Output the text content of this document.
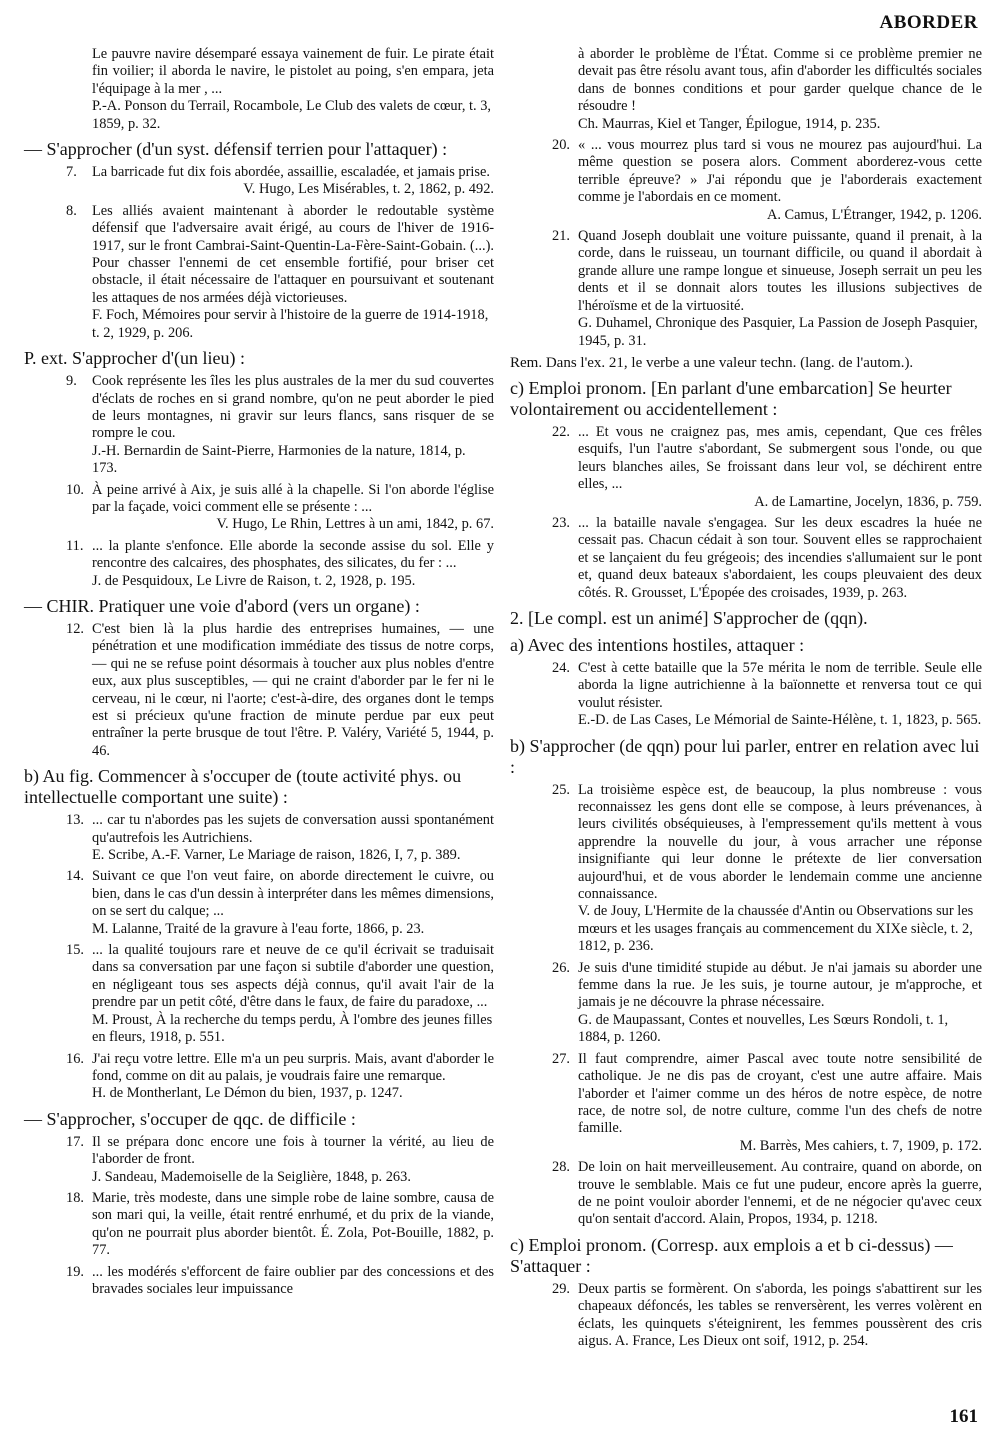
ABORDER
Le pauvre navire désemparé essaya vainement de fuir. Le pirate était fin voilier; il aborda le navire, le pistolet au poing, s'en empara, jeta l'équipage à la mer , ...
P.-A. Ponson du Terrail, Rocambole, Le Club des valets de cœur, t. 3, 1859, p. 32.
— S'approcher (d'un syst. défensif terrien pour l'attaquer) :
7. La barricade fut dix fois abordée, assaillie, escaladée, et jamais prise.
V. Hugo, Les Misérables, t. 2, 1862, p. 492.
8. Les alliés avaient maintenant à aborder le redoutable système défensif que l'adversaire avait érigé, au cours de l'hiver de 1916-1917, sur le front Cambrai-Saint-Quentin-La-Fère-Saint-Gobain. (...). Pour chasser l'ennemi de cet ensemble fortifié, pour briser cet obstacle, il était nécessaire de l'attaquer en poursuivant et soutenant les attaques de nos armées déjà victorieuses.
F. Foch, Mémoires pour servir à l'histoire de la guerre de 1914-1918, t. 2, 1929, p. 206.
P. ext. S'approcher d'(un lieu) :
9. Cook représente les îles les plus australes de la mer du sud couvertes d'éclats de roches en si grand nombre, qu'on ne peut aborder le pied de leurs montagnes, ni gravir sur leurs flancs, sans risquer de se rompre le cou.
J.-H. Bernardin de Saint-Pierre, Harmonies de la nature, 1814, p. 173.
10. À peine arrivé à Aix, je suis allé à la chapelle. Si l'on aborde l'église par la façade, voici comment elle se présente : ...
V. Hugo, Le Rhin, Lettres à un ami, 1842, p. 67.
11. ... la plante s'enfonce. Elle aborde la seconde assise du sol. Elle y rencontre des calcaires, des phosphates, des silicates, du fer : ...
J. de Pesquidoux, Le Livre de Raison, t. 2, 1928, p. 195.
— CHIR. Pratiquer une voie d'abord (vers un organe) :
12. C'est bien là la plus hardie des entreprises humaines, — une pénétration et une modification immédiate des tissus de notre corps, — qui ne se refuse point désormais à toucher aux plus nobles d'entre eux, aux plus susceptibles, — qui ne craint d'aborder par le fer ni le cerveau, ni le cœur, ni l'aorte; c'est-à-dire, des organes dont le temps est si précieux qu'une fraction de minute perdue par eux peut entraîner la perte brusque de tout l'être. P. Valéry, Variété 5, 1944, p. 46.
b) Au fig. Commencer à s'occuper de (toute activité phys. ou intellectuelle comportant une suite) :
13. ... car tu n'abordes pas les sujets de conversation aussi spontanément qu'autrefois les Autrichiens.
E. Scribe, A.-F. Varner, Le Mariage de raison, 1826, I, 7, p. 389.
14. Suivant ce que l'on veut faire, on aborde directement le cuivre, ou bien, dans le cas d'un dessin à interpréter dans les mêmes dimensions, on se sert du calque; ...
M. Lalanne, Traité de la gravure à l'eau forte, 1866, p. 23.
15. ... la qualité toujours rare et neuve de ce qu'il écrivait se traduisait dans sa conversation par une façon si subtile d'aborder une question, en négligeant tous ses aspects déjà connus, qu'il avait l'air de la prendre par un petit côté, d'être dans le faux, de faire du paradoxe, ...
M. Proust, À la recherche du temps perdu, À l'ombre des jeunes filles en fleurs, 1918, p. 551.
16. J'ai reçu votre lettre. Elle m'a un peu surpris. Mais, avant d'aborder le fond, comme on dit au palais, je voudrais faire une remarque.
H. de Montherlant, Le Démon du bien, 1937, p. 1247.
— S'approcher, s'occuper de qqc. de difficile :
17. Il se prépara donc encore une fois à tourner la vérité, au lieu de l'aborder de front.
J. Sandeau, Mademoiselle de la Seiglière, 1848, p. 263.
18. Marie, très modeste, dans une simple robe de laine sombre, causa de son mari qui, la veille, était rentré enrhumé, et du prix de la viande, qu'on ne pourrait plus aborder bientôt. É. Zola, Pot-Bouille, 1882, p. 77.
19. ... les modérés s'efforcent de faire oublier par des concessions et des bravades sociales leur impuissance
à aborder le problème de l'État. Comme si ce problème premier ne devait pas être résolu avant tous, afin d'aborder les difficultés sociales dans de bonnes conditions et pour garder quelque chance de le résoudre !
Ch. Maurras, Kiel et Tanger, Épilogue, 1914, p. 235.
20. « ... vous mourrez plus tard si vous ne mourez pas aujourd'hui. La même question se posera alors. Comment aborderez-vous cette terrible épreuve? » J'ai répondu que je l'aborderais exactement comme je l'abordais en ce moment.
A. Camus, L'Étranger, 1942, p. 1206.
21. Quand Joseph doublait une voiture puissante, quand il prenait, à la corde, dans le ruisseau, un tournant difficile, ou quand il abordait à grande allure une rampe longue et sinueuse, Joseph serrait un peu les dents et il se donnait alors toutes les illusions subjectives de l'héroïsme et de la virtuosité.
G. Duhamel, Chronique des Pasquier, La Passion de Joseph Pasquier, 1945, p. 31.
Rem. Dans l'ex. 21, le verbe a une valeur techn. (lang. de l'autom.).
c) Emploi pronom. [En parlant d'une embarcation] Se heurter volontairement ou accidentellement :
22. ... Et vous ne craignez pas, mes amis, cependant, Que ces frêles esquifs, l'un l'autre s'abordant, Se submergent sous l'onde, ou que leurs blanches ailes, Se froissant dans leur vol, se déchirent entre elles, ...
A. de Lamartine, Jocelyn, 1836, p. 759.
23. ... la bataille navale s'engagea. Sur les deux escadres la huée ne cessait pas. Chacun cédait à son tour. Souvent elles se rapprochaient et se lançaient du feu grégeois; des incendies s'allumaient sur le pont et, quand deux bateaux s'abordaient, les coups pleuvaient des deux côtés. R. Grousset, L'Épopée des croisades, 1939, p. 263.
2. [Le compl. est un animé] S'approcher de (qqn).
a) Avec des intentions hostiles, attaquer :
24. C'est à cette bataille que la 57e mérita le nom de terrible. Seule elle aborda la ligne autrichienne à la baïonnette et renversa tout ce qui voulut résister.
E.-D. de Las Cases, Le Mémorial de Sainte-Hélène, t. 1, 1823, p. 565.
b) S'approcher (de qqn) pour lui parler, entrer en relation avec lui :
25. La troisième espèce est, de beaucoup, la plus nombreuse : vous reconnaissez les gens dont elle se compose, à leurs prévenances, à leurs civilités obséquieuses, à l'empressement qu'ils mettent à vous apprendre la nouvelle du jour, à vous arracher une réponse insignifiante qui leur donne le prétexte de lier conversation aujourd'hui, et de vous aborder le lendemain comme une ancienne connaissance.
V. de Jouy, L'Hermite de la chaussée d'Antin ou Observations sur les mœurs et les usages français au commencement du XIXe siècle, t. 2, 1812, p. 236.
26. Je suis d'une timidité stupide au début. Je n'ai jamais su aborder une femme dans la rue. Je les suis, je tourne autour, je m'approche, et jamais je ne découvre la phrase nécessaire.
G. de Maupassant, Contes et nouvelles, Les Sœurs Rondoli, t. 1, 1884, p. 1260.
27. Il faut comprendre, aimer Pascal avec toute notre sensibilité de catholique. Je ne dis pas de croyant, c'est une autre affaire. Mais l'aborder et l'aimer comme un des héros de notre espèce, de notre race, de notre sol, de notre culture, comme l'un des chefs de notre famille.
M. Barrès, Mes cahiers, t. 7, 1909, p. 172.
28. De loin on hait merveilleusement. Au contraire, quand on aborde, on trouve le semblable. Mais ce fut une pudeur, encore après la guerre, de ne point vouloir aborder l'ennemi, et de ne négocier qu'avec ceux qu'on sentait d'accord. Alain, Propos, 1934, p. 1218.
c) Emploi pronom. (Corresp. aux emplois a et b ci-dessus) — S'attaquer :
29. Deux partis se formèrent. On s'aborda, les poings s'abattirent sur les chapeaux défoncés, les tables se renversèrent, les verres volèrent en éclats, les quinquets s'éteignirent, les femmes poussèrent des cris aigus. A. France, Les Dieux ont soif, 1912, p. 254.
161
